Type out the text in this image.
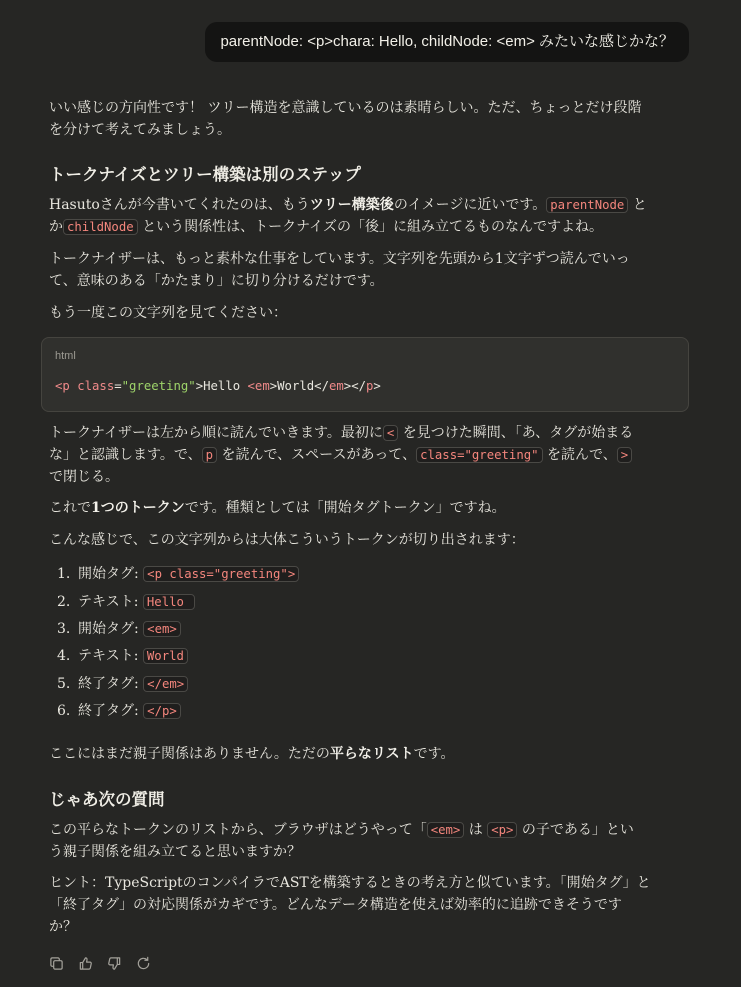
parentNode: <p>chara: Hello, childNode: <em> みたいな感じかな？

いい感じの方向性です！ ツリー構造を意識しているのは素晴らしい。ただ、ちょっとだけ段階

を分けて考えてみましょう。

トークナイズとツリー構築は別のステップ

Hasutoさんが今書いてくれたのは、もうツリー構築後のイメージに近いです。 parentNode と

か childNode という関係性は、トークナイズの「後」に組み立てるものなんですよね。

トークナイザーは、もっと素朴な仕事をしています。文字列を先頭から1文字ずつ読んでいっ

て、意味のある「かたまり」に切り分けるだけです。

もう一度この文字列を見てください：

トークナイザーは左から順に読んでいきます。最初に < を見つけた瞬間、「あ、タグが始まる

な」と認識します。で、 p を読んで、スペースがあって、 class="greeting" を読んで、 >

で閉じる。

これで1つのトークンです。種類としては「開始タグトークン」ですね。

こんな感じで、この文字列からは大体こういうトークンが切り出されます：

1. 開始タグ: <p class="greeting">
2. テキスト: Hello
3. 開始タグ: <em>
4. テキスト: World
5. 終了タグ: </em>
6. 終了タグ: </p>

ここにはまだ親子関係はありません。ただの平らなリストです。

じゃあ次の質問

この平らなトークンのリストから、ブラウザはどうやって「 <em> は <p> の子である」とい

う親子関係を組み立てると思いますか？

ヒント：TypeScriptのコンパイラでASTを構築するときの考え方と似ています。「開始タグ」と

「終了タグ」の対応関係がカギです。どんなデータ構造を使えば効率的に追跡できそうです

か？

html
<p class="greeting">Hello <em>World</em></p>
